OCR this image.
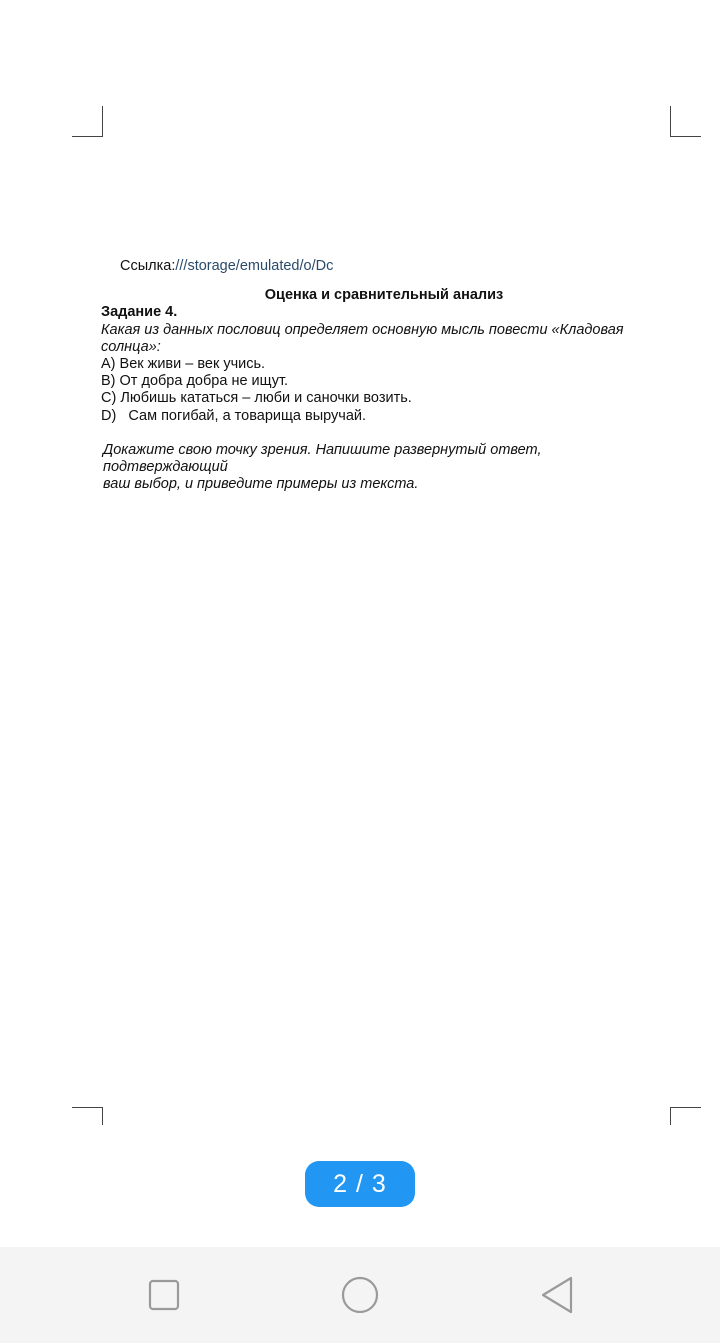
Ссылка:///storage/emulated/o/Dc
Оценка и сравнительный анализ
Задание 4.
Какая из данных пословиц определяет основную мысль повести «Кладовая
солнца»:
А) Век живи – век учись.
В) От добра добра не ищут.
С) Любишь кататься – люби и саночки возить.
D)   Сам погибай, а товарища выручай.
Докажите свою точку зрения. Напишите развернутый ответ, подтверждающий
ваш выбор, и приведите примеры из текста.
2 / 3
